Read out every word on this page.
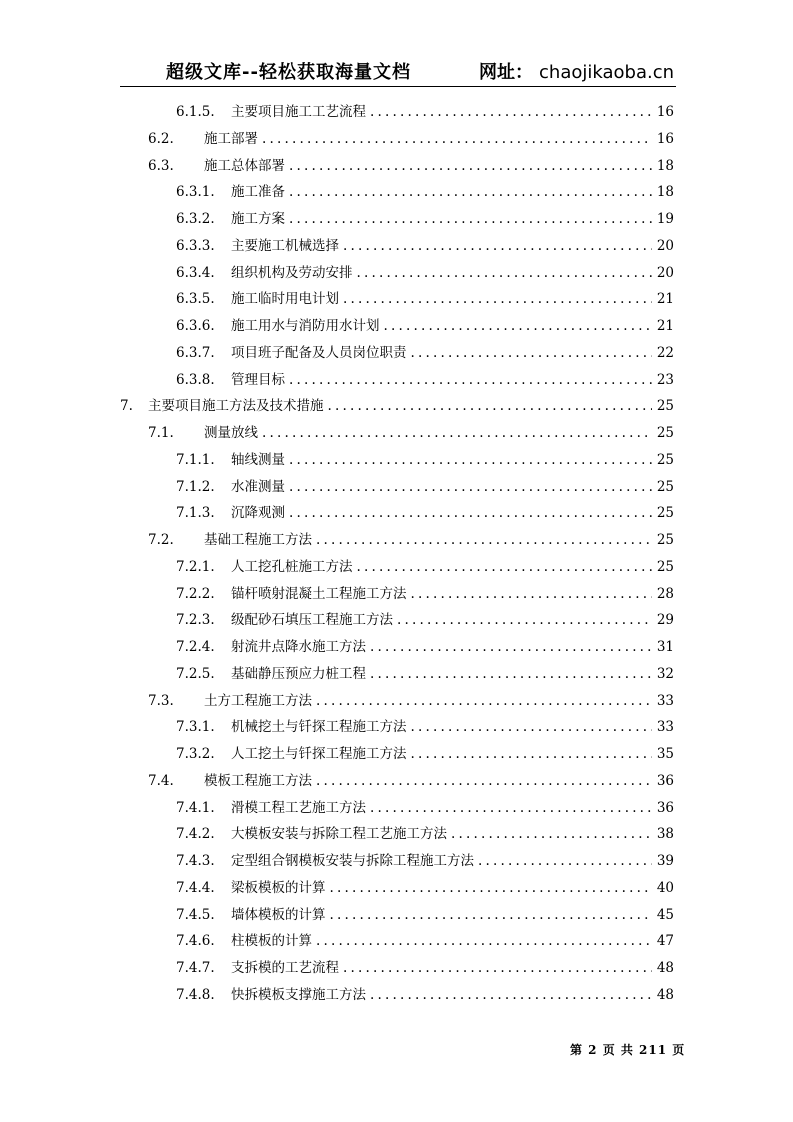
超级文库--轻松获取海量文档	网址： chaojikaoba.cn
6.1.5.	主要项目施工工艺流程 .....	16
6.2.	施工部署 .....	16
6.3.	施工总体部署 .....	18
6.3.1.	施工准备 .....	18
6.3.2.	施工方案 .....	19
6.3.3.	主要施工机械选择 .....	20
6.3.4.	组织机构及劳动安排 .....	20
6.3.5.	施工临时用电计划 .....	21
6.3.6.	施工用水与消防用水计划 .....	21
6.3.7.	项目班子配备及人员岗位职责 .....	22
6.3.8.	管理目标 .....	23
7.	主要项目施工方法及技术措施 .....	25
7.1.	测量放线 .....	25
7.1.1.	轴线测量 .....	25
7.1.2.	水准测量 .....	25
7.1.3.	沉降观测 .....	25
7.2.	基础工程施工方法 .....	25
7.2.1.	人工挖孔桩施工方法 .....	25
7.2.2.	锚杆喷射混凝土工程施工方法 .....	28
7.2.3.	级配砂石填压工程施工方法 .....	29
7.2.4.	射流井点降水施工方法 .....	31
7.2.5.	基础静压预应力桩工程 .....	32
7.3.	土方工程施工方法 .....	33
7.3.1.	机械挖土与钎探工程施工方法 .....	33
7.3.2.	人工挖土与钎探工程施工方法 .....	35
7.4.	模板工程施工方法 .....	36
7.4.1.	滑模工程工艺施工方法 .....	36
7.4.2.	大模板安装与拆除工程工艺施工方法 .....	38
7.4.3.	定型组合钢模板安装与拆除工程施工方法 .....	39
7.4.4.	梁板模板的计算 .....	40
7.4.5.	墙体模板的计算 .....	45
7.4.6.	柱模板的计算 .....	47
7.4.7.	支拆模的工艺流程 .....	48
7.4.8.	快拆模板支撑施工方法 .....	48
第 2 页 共 211 页
